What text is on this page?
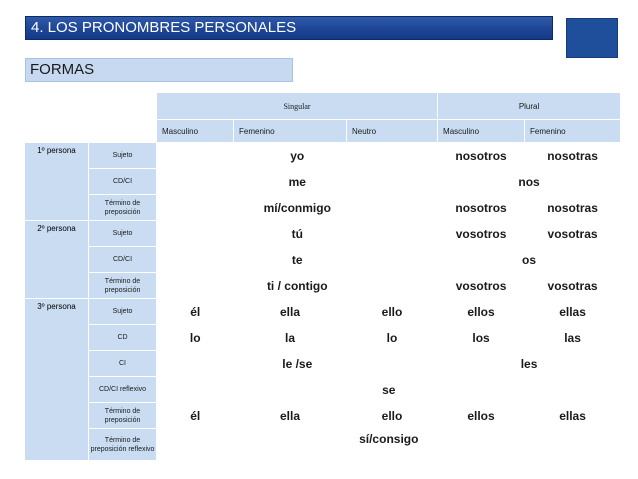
4. LOS PRONOMBRES PERSONALES
FORMAS
		Singular			Plural	
		Masculino	Femenino	Neutro	Masculino	Femenino
1º persona	Sujeto	yo			nosotros	nosotras
	CD/CI	me			nos	
	Término de preposición	mí/conmigo			nosotros	nosotras
2º persona	Sujeto	tú			vosotros	vosotras
	CD/CI	te			os	
	Término de preposición	ti / contigo			vosotros	vosotras
3º persona	Sujeto	él	ella	ello	ellos	ellas
	CD	lo	la	lo	los	las
	CI	le /se			les	
	CD/CI reflexivo	se				
	Término de preposición	él	ella	ello	ellos	ellas
	Término de preposición reflexivo	sí/consigo				
